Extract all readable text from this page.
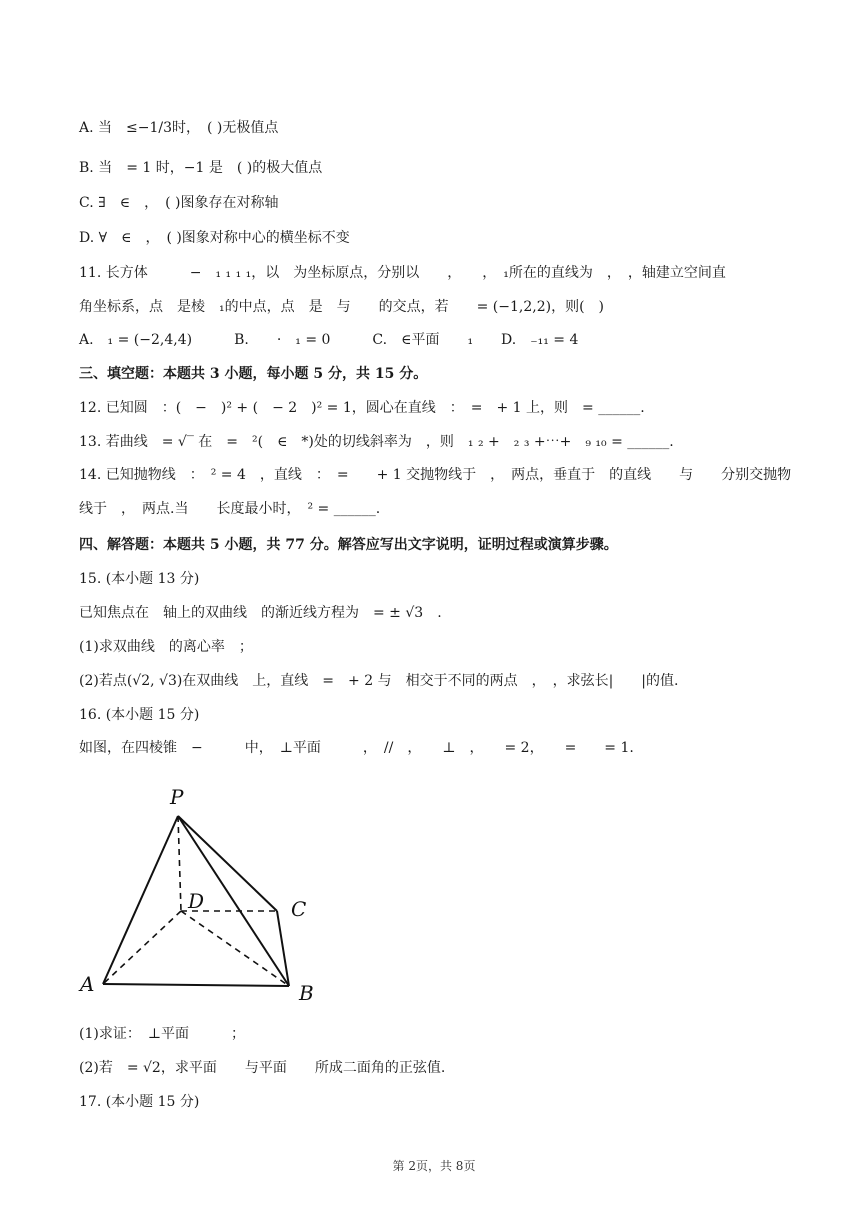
A. 当　≤−1/3时，　( )无极值点
B. 当　= 1 时，−1 是　( )的极大值点
C. ∃　∈　，　( )图象存在对称轴
D. ∀　∈　，　( )图象对称中心的横坐标不变
11. 长方体　　　−　₁ ₁ ₁ ₁，以　为坐标原点，分别以　　，　　，　₁所在的直线为　，　，轴建立空间直
角坐标系，点　是棱　₁的中点，点　是　与　　的交点，若　　= (−1,2,2)，则(　)
A.　₁ = (−2,4,4)　　　B.　　·　₁ = 0　　　C.　∈平面　　₁　　D.　₋₁₁ = 4
三、填空题：本题共 3 小题，每小题 5 分，共 15 分。
12. 已知圆　：(　−　)² + (　− 2　)² = 1，圆心在直线　：　=　+ 1 上，则　= ______.
13. 若曲线　= √‾ 在　=　²(　∈　*)处的切线斜率为　，则　₁ ₂ +　₂ ₃ +⋯+　₉ ₁₀ = ______.
14. 已知抛物线　：　² = 4　，直线　：　=　　+ 1 交抛物线于　，　两点，垂直于　的直线　　与　　分别交抛物
线于　，　两点.当　　长度最小时，　² = ______.
四、解答题：本题共 5 小题，共 77 分。解答应写出文字说明，证明过程或演算步骤。
15. (本小题 13 分)
已知焦点在　轴上的双曲线　的渐近线方程为　= ± √3　.
(1)求双曲线　的离心率　；
(2)若点(√2, √3)在双曲线　上，直线　=　+ 2 与　相交于不同的两点　，　，求弦长|　　|的值.
16. (本小题 15 分)
如图，在四棱锥　−　　　中，　⊥平面　　　，　//　，　　⊥　，　　= 2，　　=　　= 1.
P
D	C
A	B
(1)求证：　⊥平面　　　；
(2)若　= √2，求平面　　与平面　　所成二面角的正弦值.
17. (本小题 15 分)
第 2页，共 8页
